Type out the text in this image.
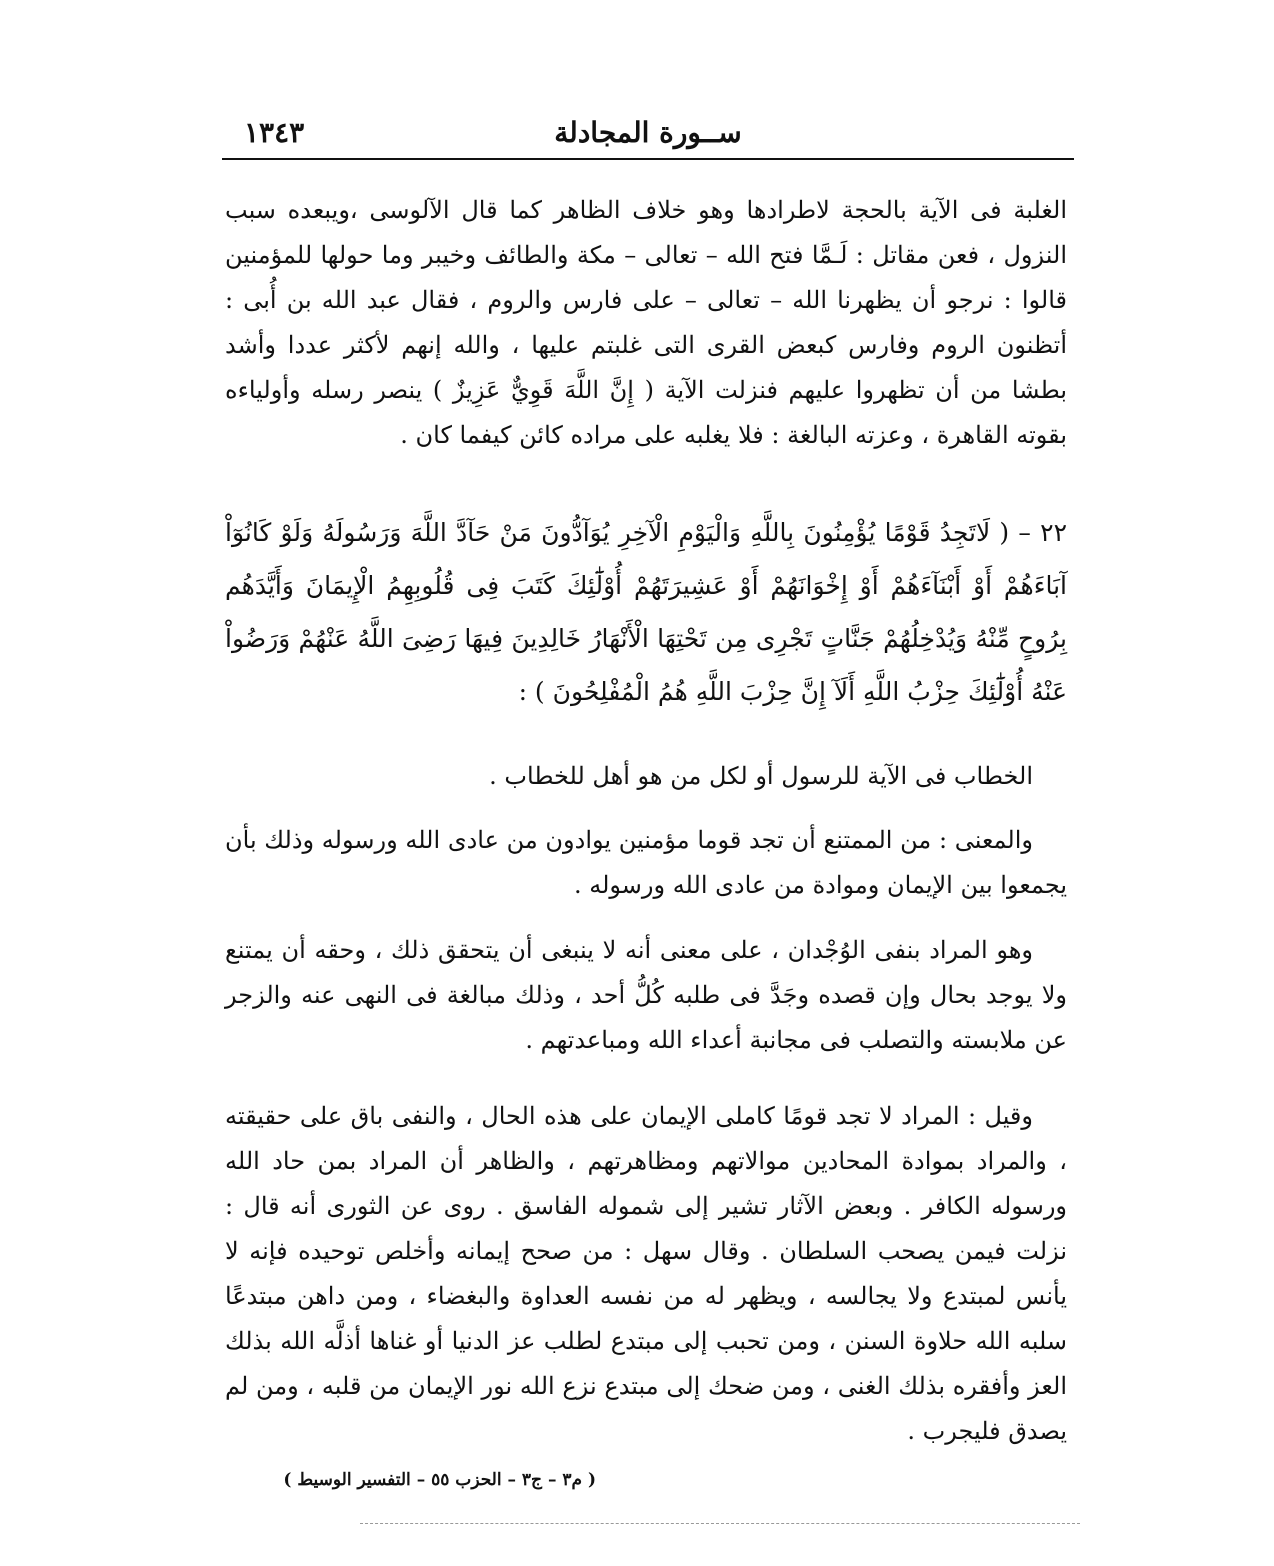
ســورة المجادلة
١٣٤٣

الغلبة فى الآية بالحجة لاطرادها وهو خلاف الظاهر كما قال الآلوسى ،ويبعده سبب النزول ، فعن مقاتل : لَـمَّا فتح الله – تعالى – مكة والطائف وخيبر وما حولها للمؤمنين قالوا : نرجو أن يظهرنا الله – تعالى – على فارس والروم ، فقال عبد الله بن أُبى : أتظنون الروم وفارس كبعض القرى التى غلبتم عليها ، والله إنهم لأكثر عددا وأشد بطشا من أن تظهروا عليهم فنزلت الآية ( إِنَّ اللَّهَ قَوِيٌّ عَزِيزٌ ) ينصر رسله وأولياءه بقوته القاهرة ، وعزته البالغة : فلا يغلبه على مراده كائن كيفما كان .

٢٢ – ( لَاتَجِدُ قَوْمًا يُؤْمِنُونَ بِاللَّهِ وَالْيَوْمِ الْآخِرِ يُوَآدُّونَ مَنْ حَآدَّ اللَّهَ وَرَسُولَهُ وَلَوْ كَانُوٓاْ آبَاءَهُمْ أَوْ أَبْنَآءَهُمْ أَوْ إِخْوَانَهُمْ أَوْ عَشِيرَتَهُمْ أُوْلَٰٓئِكَ كَتَبَ فِى قُلُوبِهِمُ الْإِيمَانَ وَأَيَّدَهُم بِرُوحٍ مِّنْهُ وَيُدْخِلُهُمْ جَنَّاتٍ تَجْرِى مِن تَحْتِهَا الْأَنْهَارُ خَالِدِينَ فِيهَا رَضِىَ اللَّهُ عَنْهُمْ وَرَضُواْ عَنْهُ أُوْلَٰٓئِكَ حِزْبُ اللَّهِ أَلَآ إِنَّ حِزْبَ اللَّهِ هُمُ الْمُفْلِحُونَ ) :

الخطاب فى الآية للرسول أو لكل من هو أهل للخطاب .

والمعنى : من الممتنع أن تجد قوما مؤمنين يوادون من عادى الله ورسوله وذلك بأن يجمعوا بين الإيمان وموادة من عادى الله ورسوله .

وهو المراد بنفى الوُجْدان ، على معنى أنه لا ينبغى أن يتحقق ذلك ، وحقه أن يمتنع ولا يوجد بحال وإن قصده وجَدَّ فى طلبه كُلُّ أحد ، وذلك مبالغة فى النهى عنه والزجر عن ملابسته والتصلب فى مجانبة أعداء الله ومباعدتهم .

وقيل : المراد لا تجد قومًا كاملى الإيمان على هذه الحال ، والنفى باق على حقيقته ، والمراد بموادة المحادين موالاتهم ومظاهرتهم ، والظاهر أن المراد بمن حاد الله ورسوله الكافر . وبعض الآثار تشير إلى شموله الفاسق . روى عن الثورى أنه قال : نزلت فيمن يصحب السلطان . وقال سهل : من صحح إيمانه وأخلص توحيده فإنه لا يأنس لمبتدع ولا يجالسه ، ويظهر له من نفسه العداوة والبغضاء ، ومن داهن مبتدعًا سلبه الله حلاوة السنن ، ومن تحبب إلى مبتدع لطلب عز الدنيا أو غناها أذلَّه الله بذلك العز وأفقره بذلك الغنى ، ومن ضحك إلى مبتدع نزع الله نور الإيمان من قلبه ، ومن لم يصدق فليجرب .

( م٣ – ج٣ – الحزب ٥٥ – التفسير الوسيط )
